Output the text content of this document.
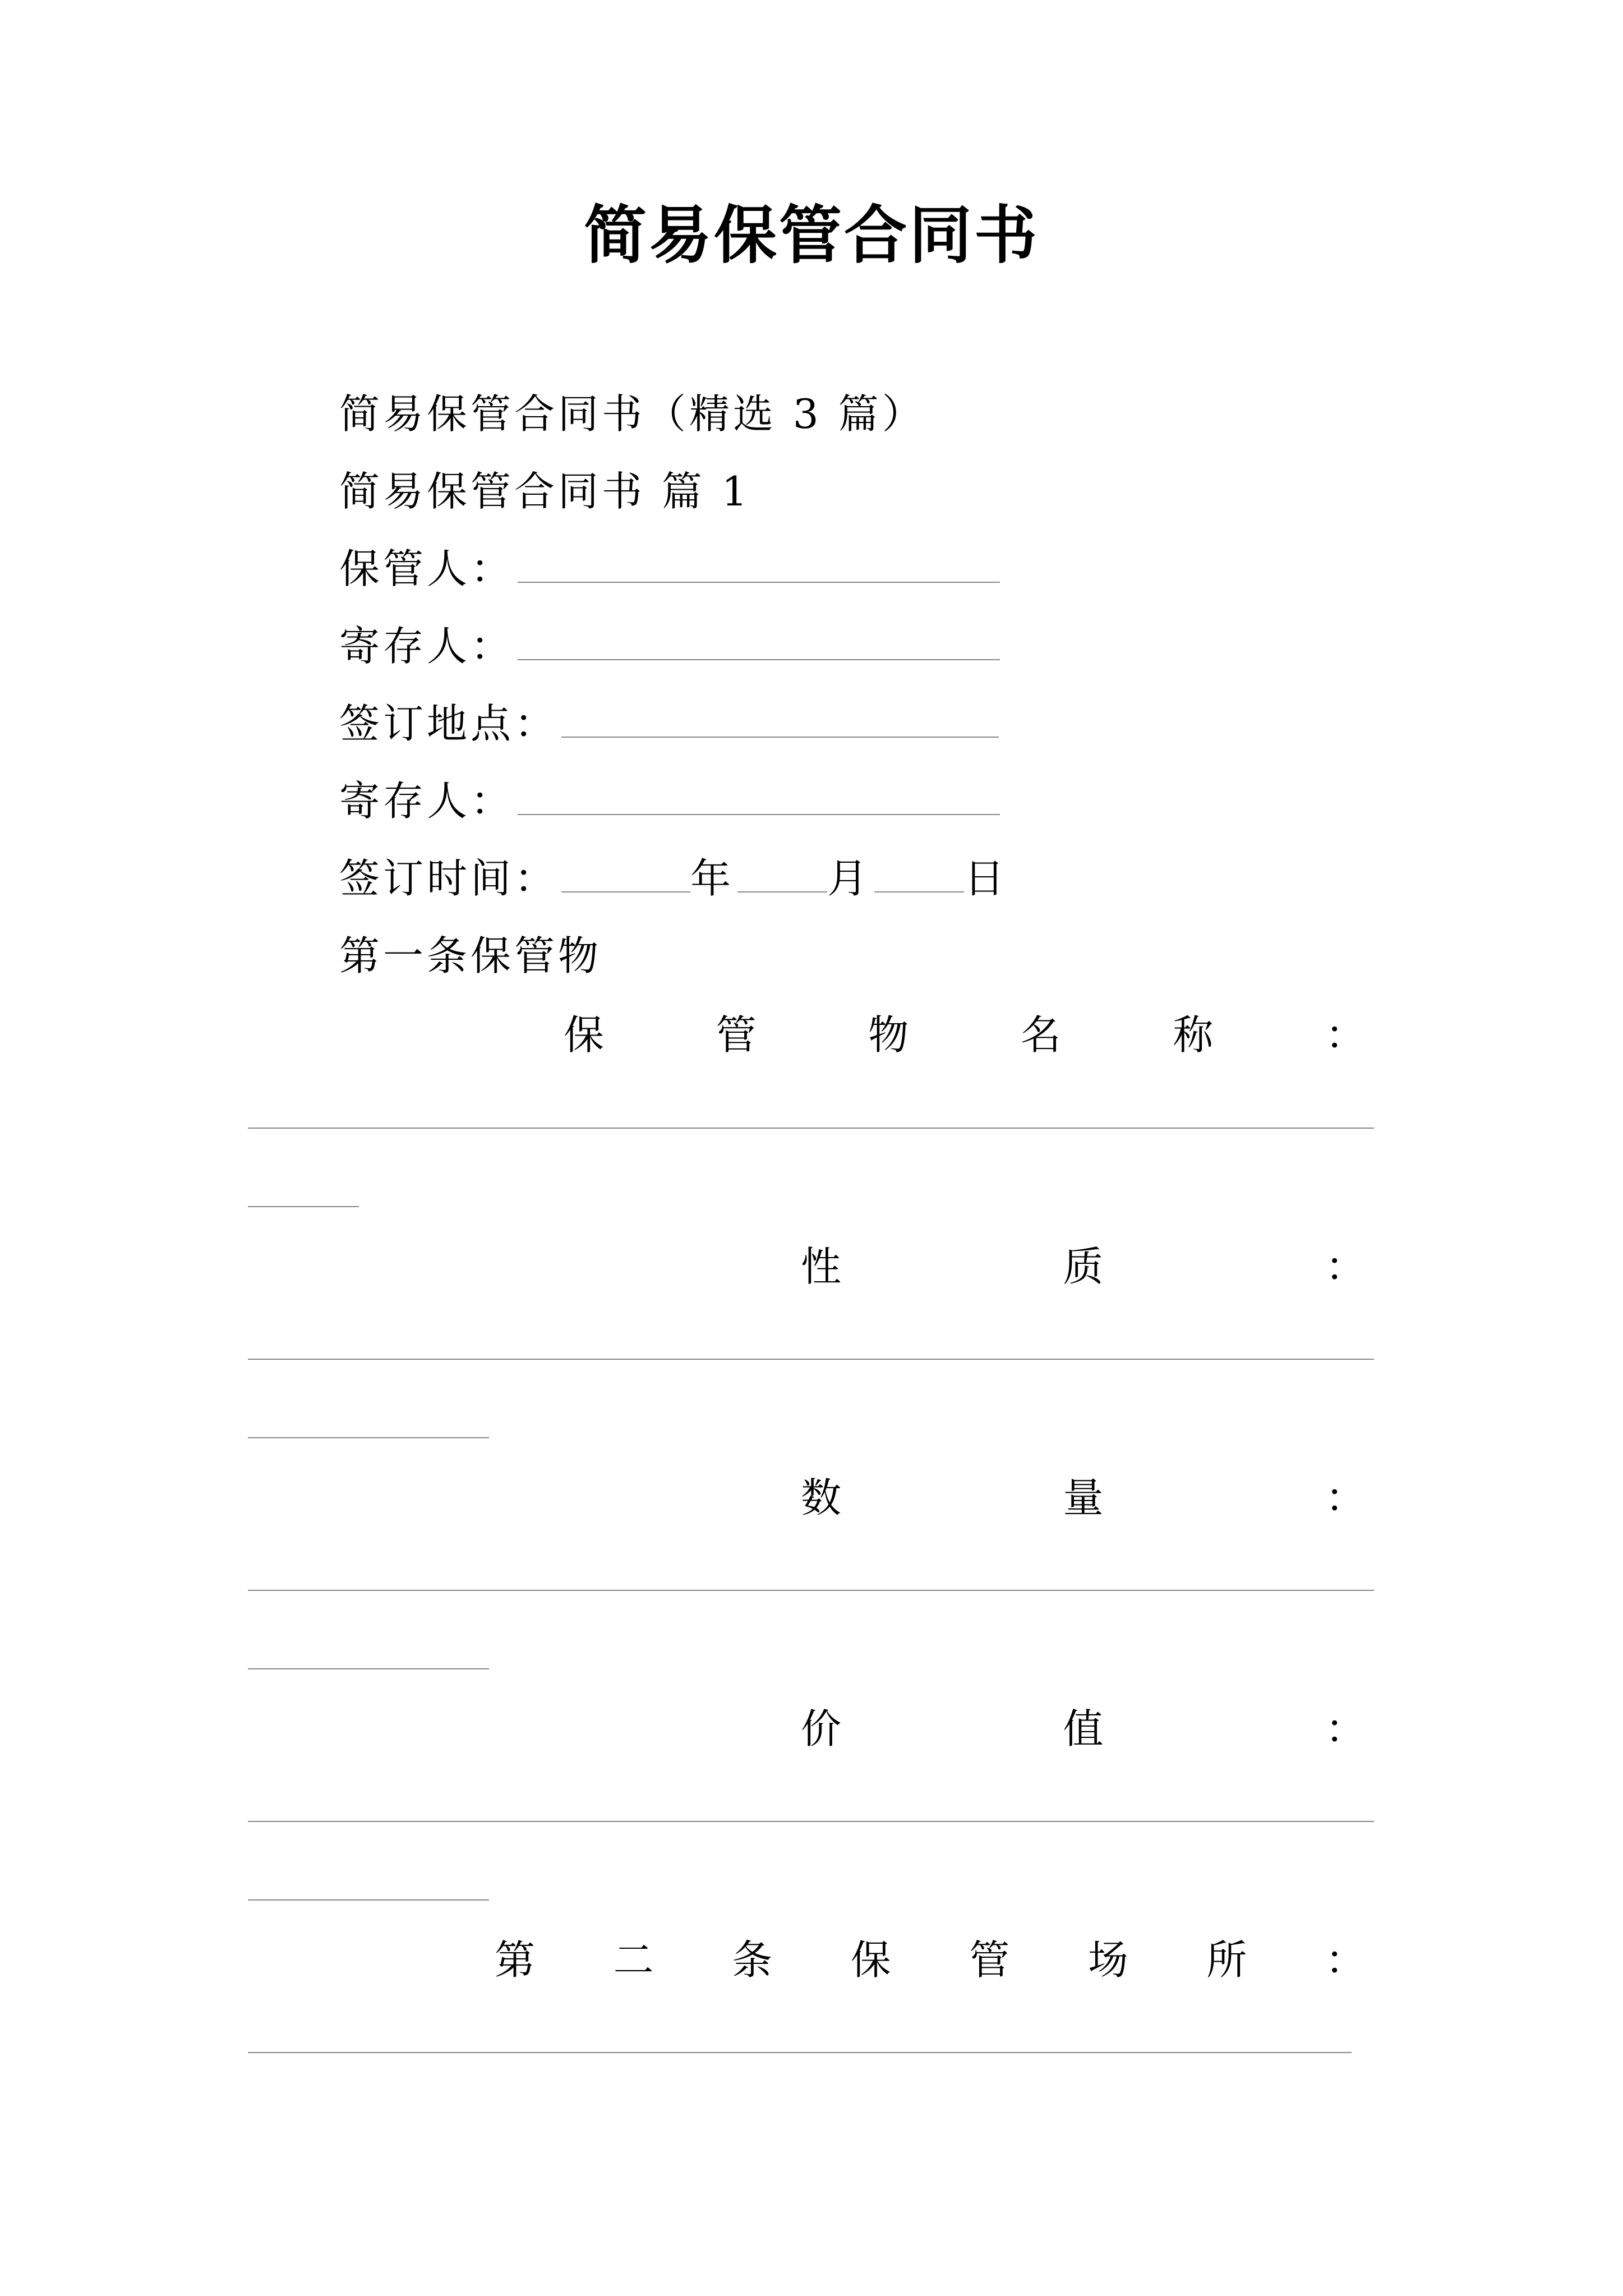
简易保管合同书
简易保管合同书（精选 3 篇）
简易保管合同书 篇 1
保管人：
寄存人：
签订地点：
寄存人：
签订时间：	年 月 日
第一条保管物
保	管	物	名	称	：
性	质	：
数	量	：
价	值	：
第 二 条 保 管 场 所 ：
